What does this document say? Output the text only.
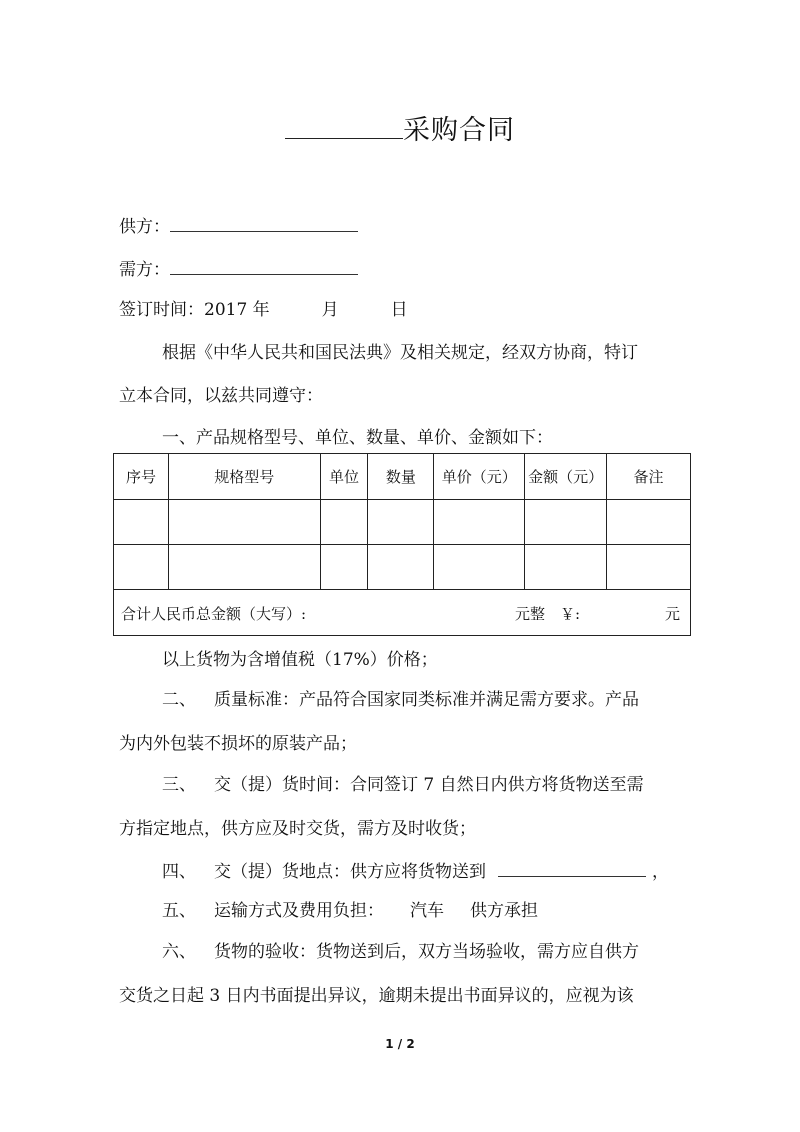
采购合同
供方：
需方：
签订时间：2017 年	月	日
根据《中华人民共和国民法典》及相关规定，经双方协商，特订
立本合同，以兹共同遵守：
一、产品规格型号、单位、数量、单价、金额如下：
序号	规格型号	单位	数量	单价（元）	金额（元）	备注

合计人民币总金额（大写）: 元整 ￥: 元						
以上货物为含增值税（17%）价格；
二、 质量标准：产品符合国家同类标准并满足需方要求。产品
为内外包装不损坏的原装产品；
三、 交（提）货时间：合同签订 7 自然日内供方将货物送至需
方指定地点，供方应及时交货，需方及时收货；
四、 交（提）货地点：供方应将货物送到	，
五、 运输方式及费用负担： 汽车 供方承担
六、 货物的验收：货物送到后，双方当场验收，需方应自供方
交货之日起 3 日内书面提出异议，逾期未提出书面异议的，应视为该
1 / 2
